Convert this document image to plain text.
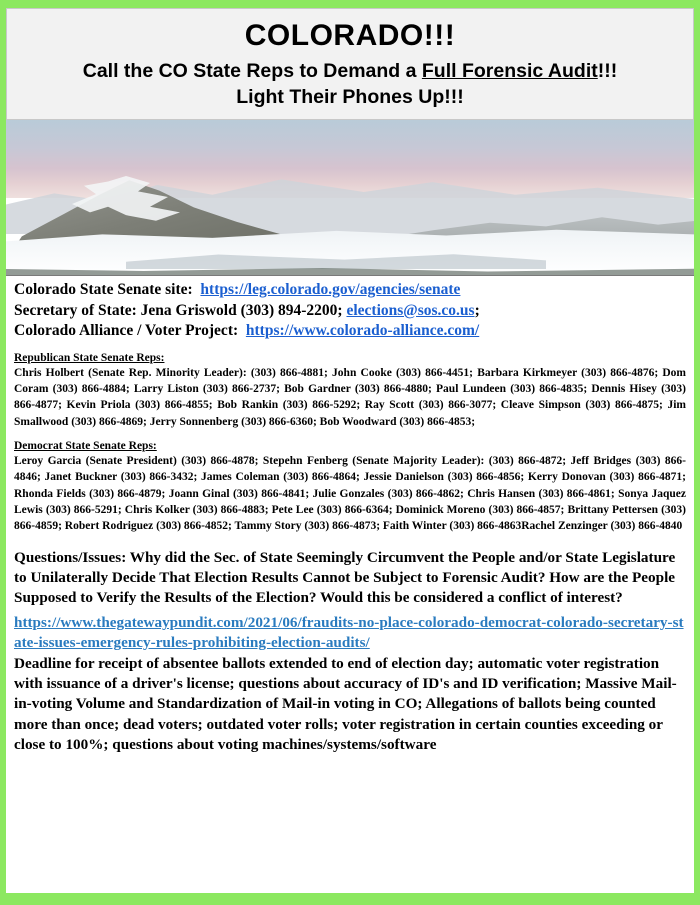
COLORADO!!!
Call the CO State Reps to Demand a Full Forensic Audit!!!
Light Their Phones Up!!!
Colorado State Senate site: https://leg.colorado.gov/agencies/senate
Secretary of State: Jena Griswold (303) 894-2200; elections@sos.co.us;
Colorado Alliance / Voter Project: https://www.colorado-alliance.com/
Republican State Senate Reps:
Chris Holbert (Senate Rep. Minority Leader): (303) 866-4881; John Cooke (303) 866-4451; Barbara Kirkmeyer (303) 866-4876; Dom Coram (303) 866-4884; Larry Liston (303) 866-2737; Bob Gardner (303) 866-4880; Paul Lundeen (303) 866-4835; Dennis Hisey (303) 866-4877; Kevin Priola (303) 866-4855; Bob Rankin (303) 866-5292; Ray Scott (303) 866-3077; Cleave Simpson (303) 866-4875; Jim Smallwood (303) 866-4869; Jerry Sonnenberg (303) 866-6360; Bob Woodward (303) 866-4853;
Democrat State Senate Reps:
Leroy Garcia (Senate President) (303) 866-4878; Stepehn Fenberg (Senate Majority Leader): (303) 866-4872; Jeff Bridges (303) 866-4846; Janet Buckner (303) 866-3432; James Coleman (303) 866-4864; Jessie Danielson (303) 866-4856; Kerry Donovan (303) 866-4871; Rhonda Fields (303) 866-4879; Joann Ginal (303) 866-4841; Julie Gonzales (303) 866-4862; Chris Hansen (303) 866-4861; Sonya Jaquez Lewis (303) 866-5291; Chris Kolker (303) 866-4883; Pete Lee (303) 866-6364; Dominick Moreno (303) 866-4857; Brittany Pettersen (303) 866-4859; Robert Rodriguez (303) 866-4852; Tammy Story (303) 866-4873; Faith Winter (303) 866-4863Rachel Zenzinger (303) 866-4840
Questions/Issues: Why did the Sec. of State Seemingly Circumvent the People and/or State Legislature to Unilaterally Decide That Election Results Cannot be Subject to Forensic Audit? How are the People Supposed to Verify the Results of the Election? Would this be considered a conflict of interest?
https://www.thegatewaypundit.com/2021/06/fraudits-no-place-colorado-democrat-colorado-secretary-state-issues-emergency-rules-prohibiting-election-audits/
Deadline for receipt of absentee ballots extended to end of election day; automatic voter registration with issuance of a driver's license; questions about accuracy of ID's and ID verification; Massive Mail-in-voting Volume and Standardization of Mail-in voting in CO; Allegations of ballots being counted more than once; dead voters; outdated voter rolls; voter registration in certain counties exceeding or close to 100%; questions about voting machines/systems/software
